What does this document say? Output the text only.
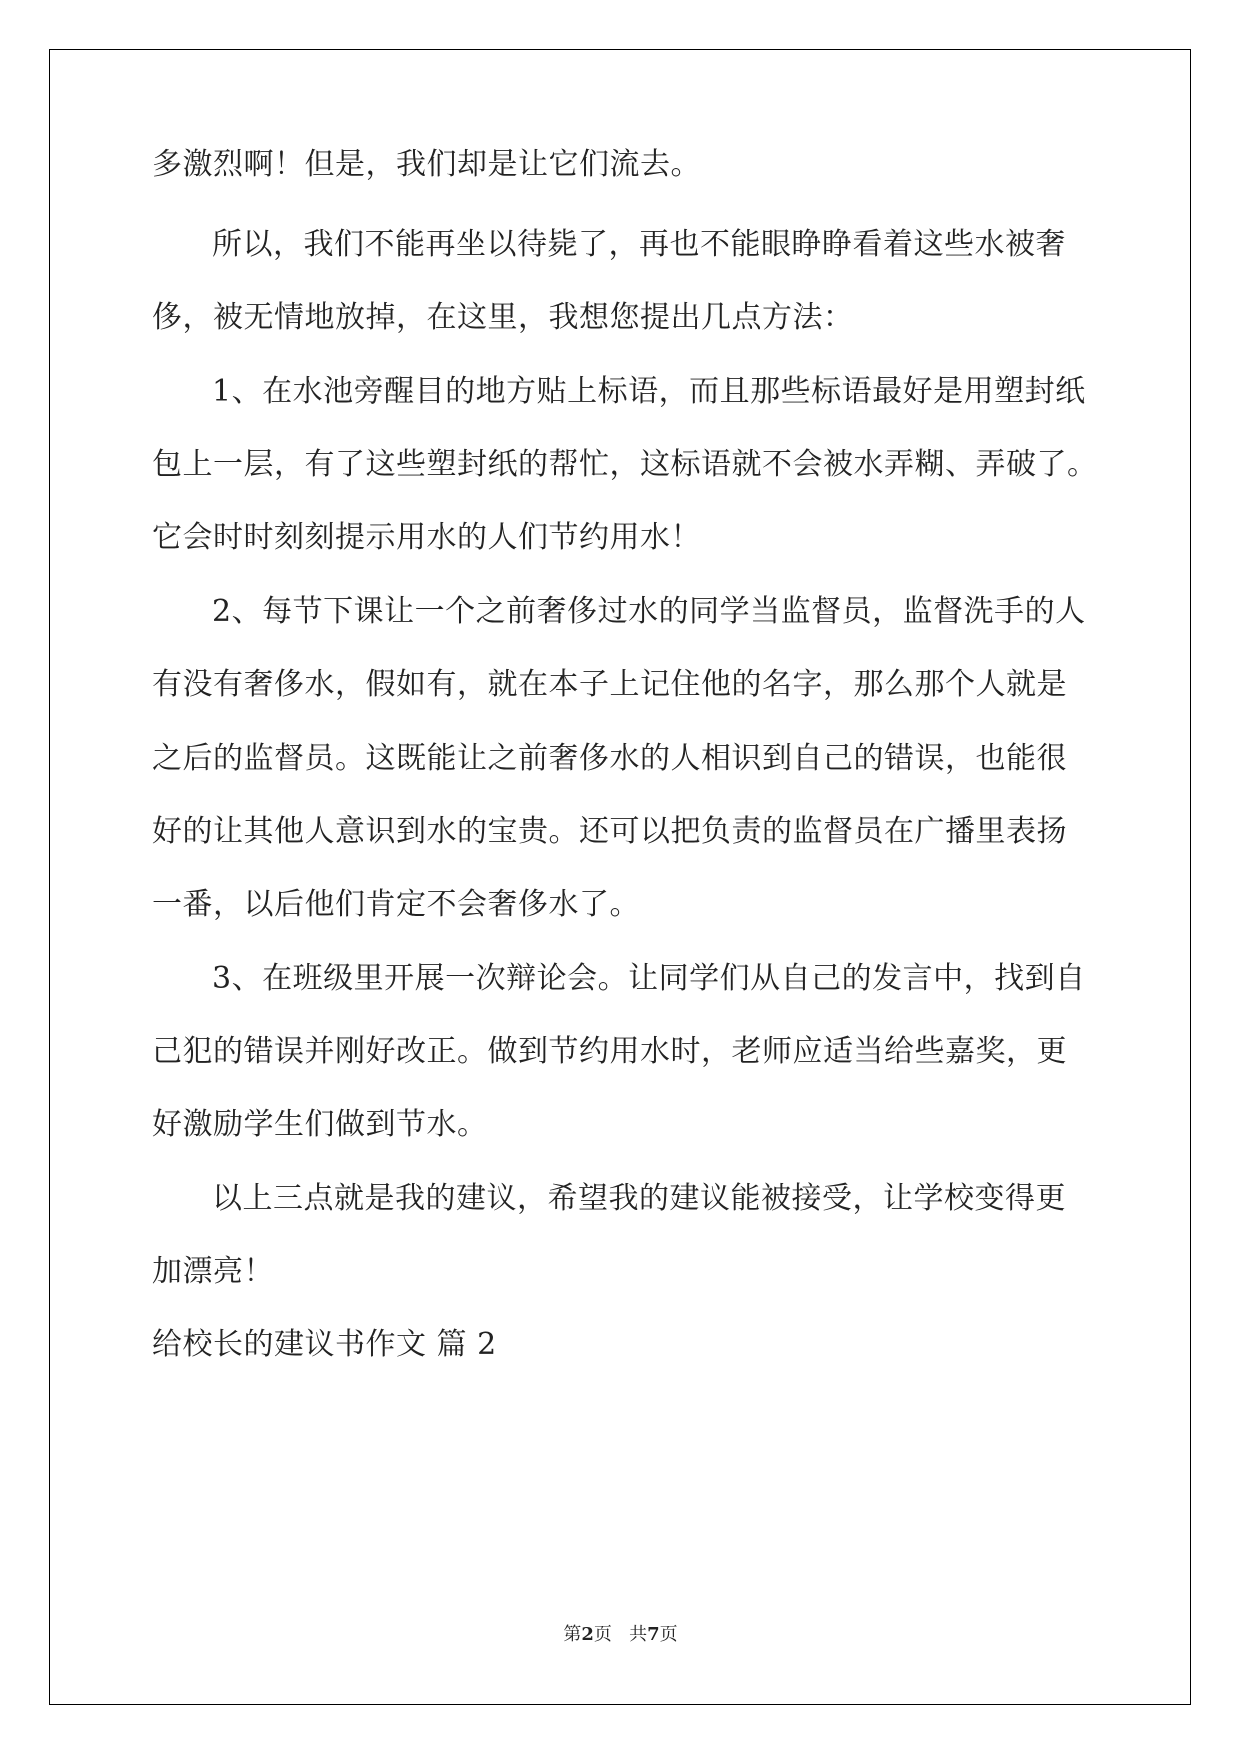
多激烈啊！但是，我们却是让它们流去。
所以，我们不能再坐以待毙了，再也不能眼睁睁看着这些水被奢
侈，被无情地放掉，在这里，我想您提出几点方法：
1、在水池旁醒目的地方贴上标语，而且那些标语最好是用塑封纸
包上一层，有了这些塑封纸的帮忙，这标语就不会被水弄糊、弄破了。
它会时时刻刻提示用水的人们节约用水！
2、每节下课让一个之前奢侈过水的同学当监督员，监督洗手的人
有没有奢侈水，假如有，就在本子上记住他的名字，那么那个人就是
之后的监督员。这既能让之前奢侈水的人相识到自己的错误，也能很
好的让其他人意识到水的宝贵。还可以把负责的监督员在广播里表扬
一番，以后他们肯定不会奢侈水了。
3、在班级里开展一次辩论会。让同学们从自己的发言中，找到自
己犯的错误并刚好改正。做到节约用水时，老师应适当给些嘉奖，更
好激励学生们做到节水。
以上三点就是我的建议，希望我的建议能被接受，让学校变得更
加漂亮！
给校长的建议书作文 篇 2
第2页 共7页
